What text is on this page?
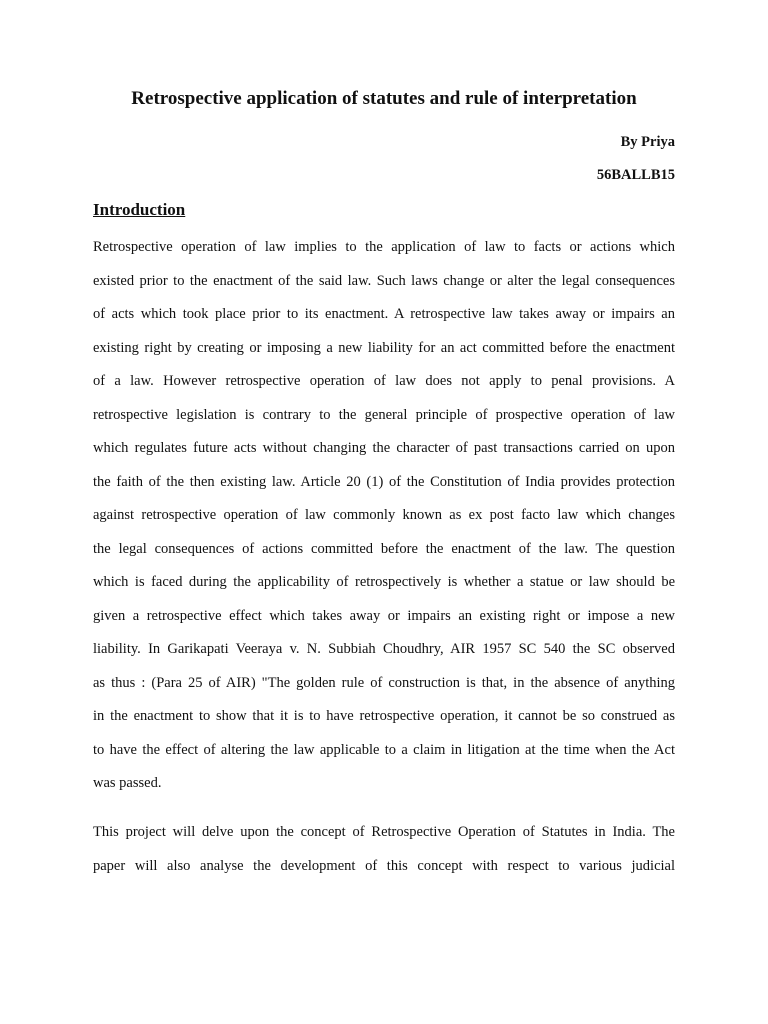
Retrospective application of statutes and rule of interpretation

By Priya

56BALLB15

Introduction

Retrospective operation of law implies to the application of law to facts or actions which
existed prior to the enactment of the said law. Such laws change or alter the legal consequences
of acts which took place prior to its enactment. A retrospective law takes away or impairs an
existing right by creating or imposing a new liability for an act committed before the enactment
of a law. However retrospective operation of law does not apply to penal provisions. A
retrospective legislation is contrary to the general principle of prospective operation of law
which regulates future acts without changing the character of past transactions carried on upon
the faith of the then existing law. Article 20 (1) of the Constitution of India provides protection
against retrospective operation of law commonly known as ex post facto law which changes
the legal consequences of actions committed before the enactment of the law. The question
which is faced during the applicability of retrospectively is whether a statue or law should be
given a retrospective effect which takes away or impairs an existing right or impose a new
liability. In Garikapati Veeraya v. N. Subbiah Choudhry, AIR 1957 SC 540 the SC observed
as thus : (Para 25 of AIR) "The golden rule of construction is that, in the absence of anything
in the enactment to show that it is to have retrospective operation, it cannot be so construed as
to have the effect of altering the law applicable to a claim in litigation at the time when the Act
was passed.

This project will delve upon the concept of Retrospective Operation of Statutes in India. The
paper will also analyse the development of this concept with respect to various judicial
